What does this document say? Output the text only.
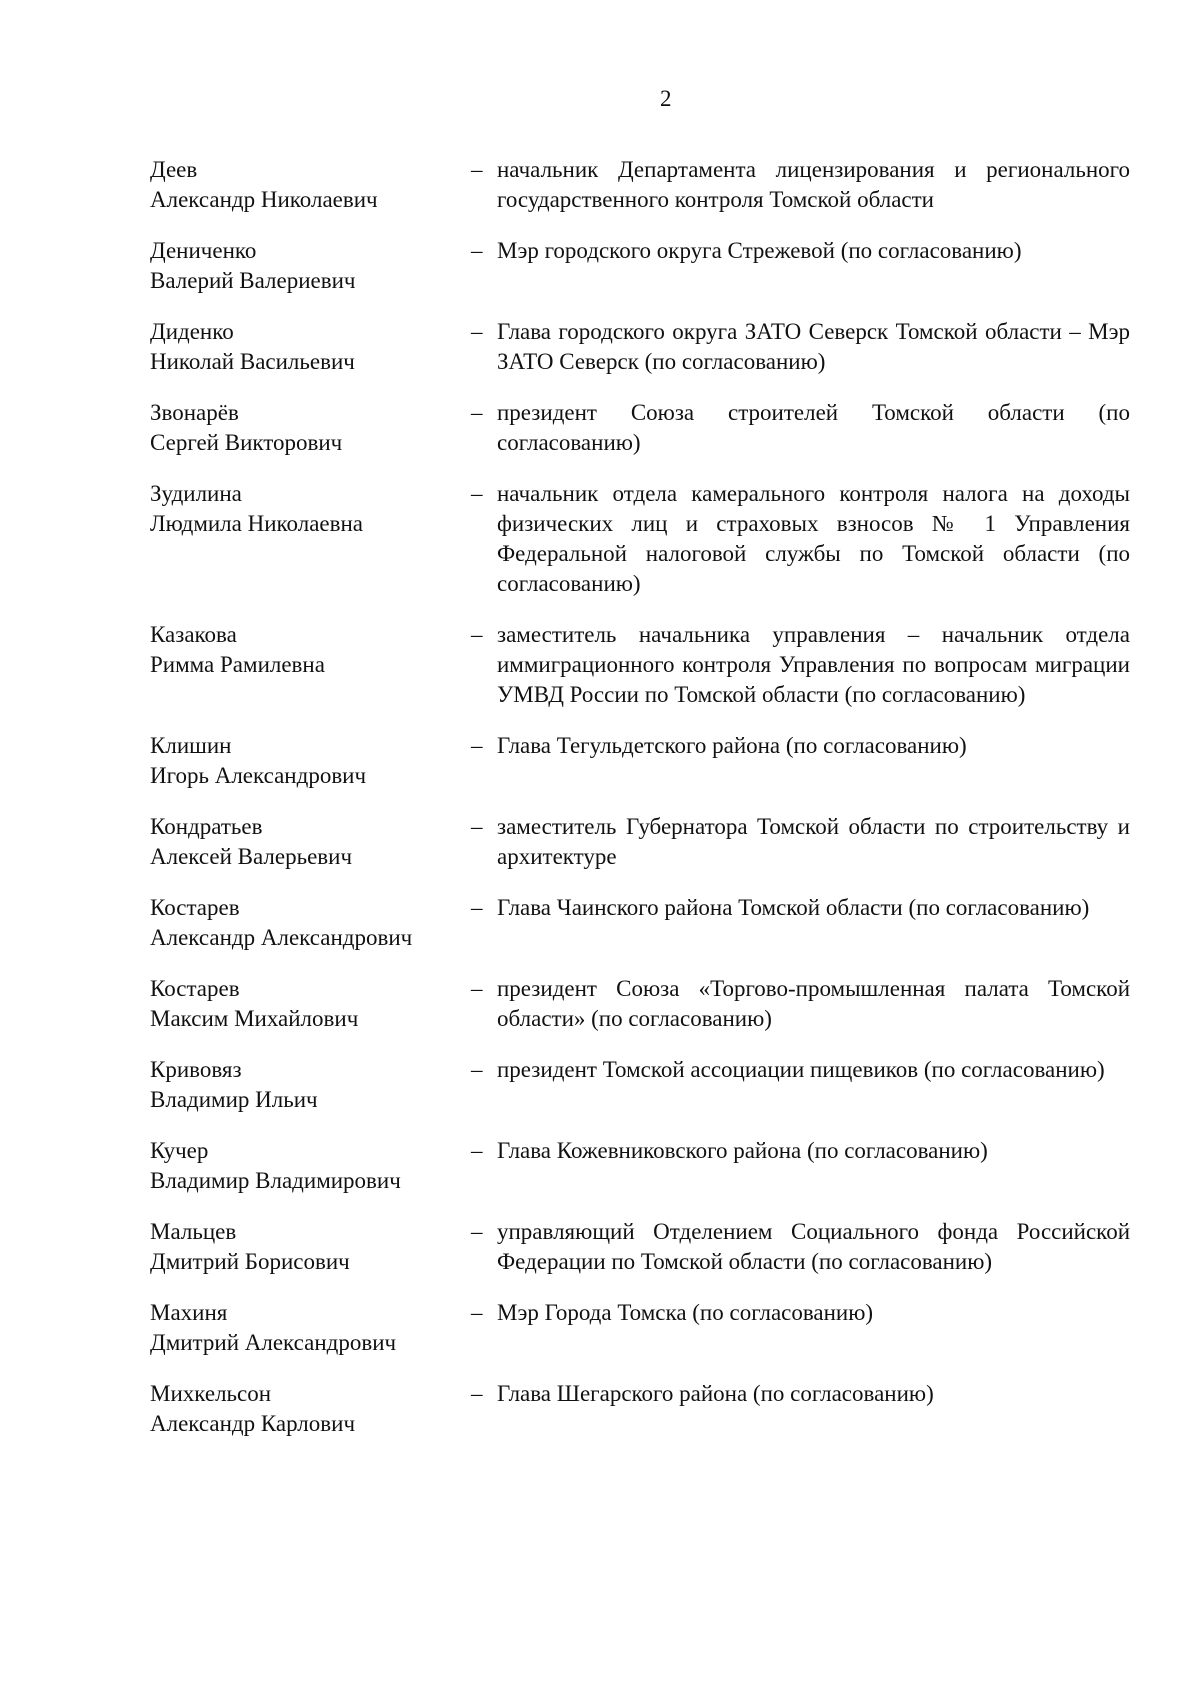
2
Деев
Александр Николаевич
– начальник Департамента лицензирования и регионального государственного контроля Томской области
Дениченко
Валерий Валериевич
– Мэр городского округа Стрежевой (по согласованию)
Диденко
Николай Васильевич
– Глава городского округа ЗАТО Северск Томской области – Мэр ЗАТО Северск (по согласованию)
Звонарёв
Сергей Викторович
– президент Союза строителей Томской области (по согласованию)
Зудилина
Людмила Николаевна
– начальник отдела камерального контроля налога на доходы физических лиц и страховых взносов № 1 Управления Федеральной налоговой службы по Томской области (по согласованию)
Казакова
Римма Рамилевна
– заместитель начальника управления – начальник отдела иммиграционного контроля Управления по вопросам миграции УМВД России по Томской области (по согласованию)
Клишин
Игорь Александрович
– Глава Тегульдетского района (по согласованию)
Кондратьев
Алексей Валерьевич
– заместитель Губернатора Томской области по строительству и архитектуре
Костарев
Александр Александрович
– Глава Чаинского района Томской области (по согласованию)
Костарев
Максим Михайлович
– президент Союза «Торгово-промышленная палата Томской области» (по согласованию)
Кривовяз
Владимир Ильич
– президент Томской ассоциации пищевиков (по согласованию)
Кучер
Владимир Владимирович
– Глава Кожевниковского района (по согласованию)
Мальцев
Дмитрий Борисович
– управляющий Отделением Социального фонда Российской Федерации по Томской области (по согласованию)
Махиня
Дмитрий Александрович
– Мэр Города Томска (по согласованию)
Михкельсон
Александр Карлович
– Глава Шегарского района (по согласованию)
